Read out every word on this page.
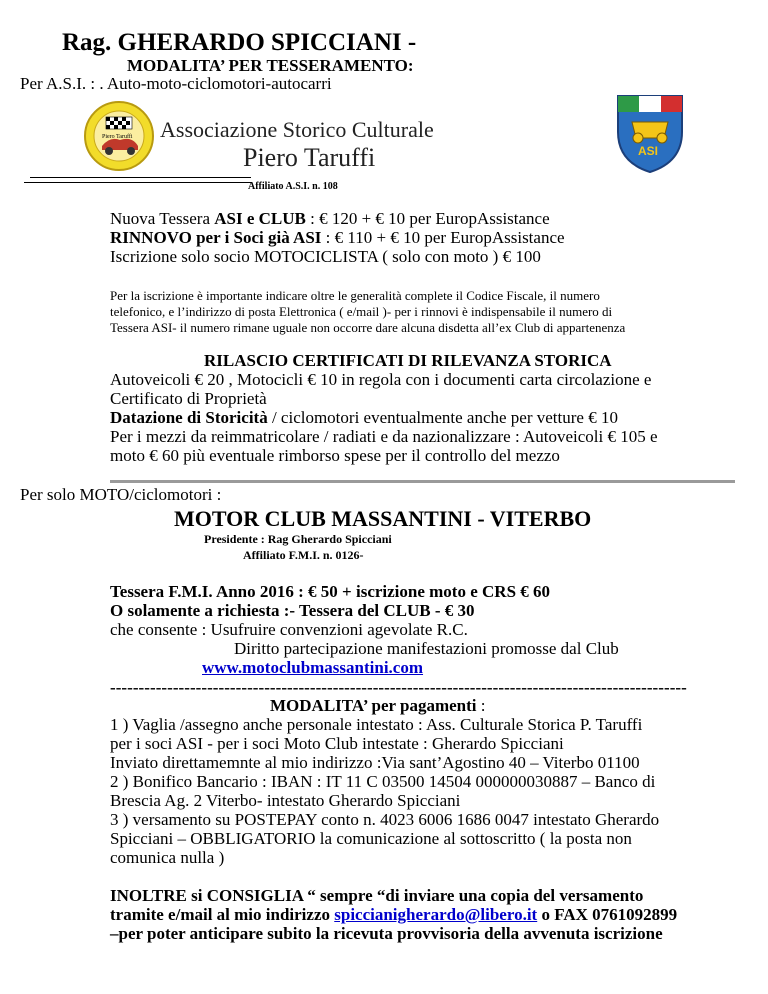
Rag. GHERARDO SPICCIANI -
MODALITA’ PER TESSERAMENTO:
Per A.S.I. : . Auto-moto-ciclomotori-autocarri
Piero Taruffi Associazione Storico Culturale
Piero Taruffi	ASI
Affiliato A.S.I. n. 108
Nuova Tessera ASI e CLUB : € 120 + € 10 per EuropAssistance
RINNOVO per i Soci già ASI : € 110 + € 10 per EuropAssistance
Iscrizione solo socio MOTOCICLISTA ( solo con moto ) € 100
Per la iscrizione è importante indicare oltre le generalità complete il Codice Fiscale, il numero
telefonico, e l’indirizzo di posta Elettronica ( e/mail )- per i rinnovi è indispensabile il numero di
Tessera ASI- il numero rimane uguale non occorre dare alcuna disdetta all’ex Club di appartenenza
RILASCIO CERTIFICATI DI RILEVANZA STORICA
Autoveicoli € 20 , Motocicli € 10 in regola con i documenti carta circolazione e
Certificato di Proprietà
Datazione di Storicità / ciclomotori eventualmente anche per vetture € 10
Per i mezzi da reimmatricolare / radiati e da nazionalizzare : Autoveicoli € 105 e
moto € 60 più eventuale rimborso spese per il controllo del mezzo
Per solo MOTO/ciclomotori :
MOTOR CLUB MASSANTINI - VITERBO
Presidente : Rag Gherardo Spicciani
Affiliato F.M.I. n. 0126-
Tessera F.M.I. Anno 2016 : € 50 + iscrizione moto e CRS € 60
O solamente a richiesta :- Tessera del CLUB - € 30
che consente : Usufruire convenzioni agevolate R.C.
Diritto partecipazione manifestazioni promosse dal Club
www.motoclubmassantini.com
-----------------------------------------------------------------------------------------------------
MODALITA’ per pagamenti :
1 ) Vaglia /assegno anche personale intestato : Ass. Culturale Storica P. Taruffi
per i soci ASI - per i soci Moto Club intestate : Gherardo Spicciani
Inviato direttamemnte al mio indirizzo :Via sant’Agostino 40 – Viterbo 01100
2 ) Bonifico Bancario : IBAN : IT 11 C 03500 14504 000000030887 – Banco di
Brescia Ag. 2 Viterbo- intestato Gherardo Spicciani
3 ) versamento su POSTEPAY conto n. 4023 6006 1686 0047 intestato Gherardo
Spicciani – OBBLIGATORIO la comunicazione al sottoscritto ( la posta non
comunica nulla )
INOLTRE si CONSIGLIA “ sempre “di inviare una copia del versamento
tramite e/mail al mio indirizzo spiccianigherardo@libero.it o FAX 0761092899
–per poter anticipare subito la ricevuta provvisoria della avvenuta iscrizione
